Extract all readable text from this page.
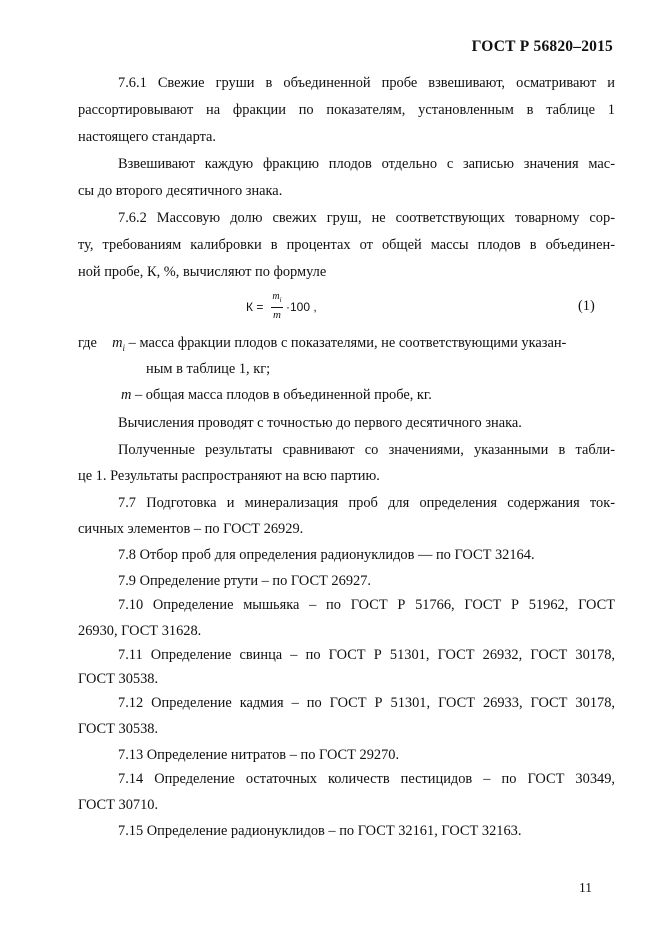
ГОСТ Р 56820–2015
7.6.1 Свежие груши в объединенной пробе взвешивают, осматривают и
рассортировывают на фракции по показателям, установленным в таблице 1
настоящего стандарта.
Взвешивают каждую фракцию плодов отдельно с записью значения мас-
сы до второго десятичного знака.
7.6.2 Массовую долю свежих груш, не соответствующих товарному сор-
ту, требованиям калибровки в процентах от общей массы плодов в объединен-
ной пробе, К, %, вычисляют по формуле
К =
$m_i$
m
·100 ,	(1)
где $m_i$ – масса фракции плодов с показателями, не соответствующими указан-
ным в таблице 1, кг;
m – общая масса плодов в объединенной пробе, кг.
Вычисления проводят с точностью до первого десятичного знака.
Полученные результаты сравнивают со значениями, указанными в табли-
це 1. Результаты распространяют на всю партию.
7.7 Подготовка и минерализация проб для определения содержания ток-
сичных элементов – по ГОСТ 26929.
7.8 Отбор проб для определения радионуклидов — по ГОСТ 32164.
7.9 Определение ртути – по ГОСТ 26927.
7.10 Определение мышьяка – по ГОСТ Р 51766, ГОСТ Р 51962, ГОСТ
26930, ГОСТ 31628.
7.11 Определение свинца – по ГОСТ Р 51301, ГОСТ 26932, ГОСТ 30178,
ГОСТ 30538.
7.12 Определение кадмия – по ГОСТ Р 51301, ГОСТ 26933, ГОСТ 30178,
ГОСТ 30538.
7.13 Определение нитратов – по ГОСТ 29270.
7.14 Определение остаточных количеств пестицидов – по ГОСТ 30349,
ГОСТ 30710.
7.15 Определение радионуклидов – по ГОСТ 32161, ГОСТ 32163.
11
